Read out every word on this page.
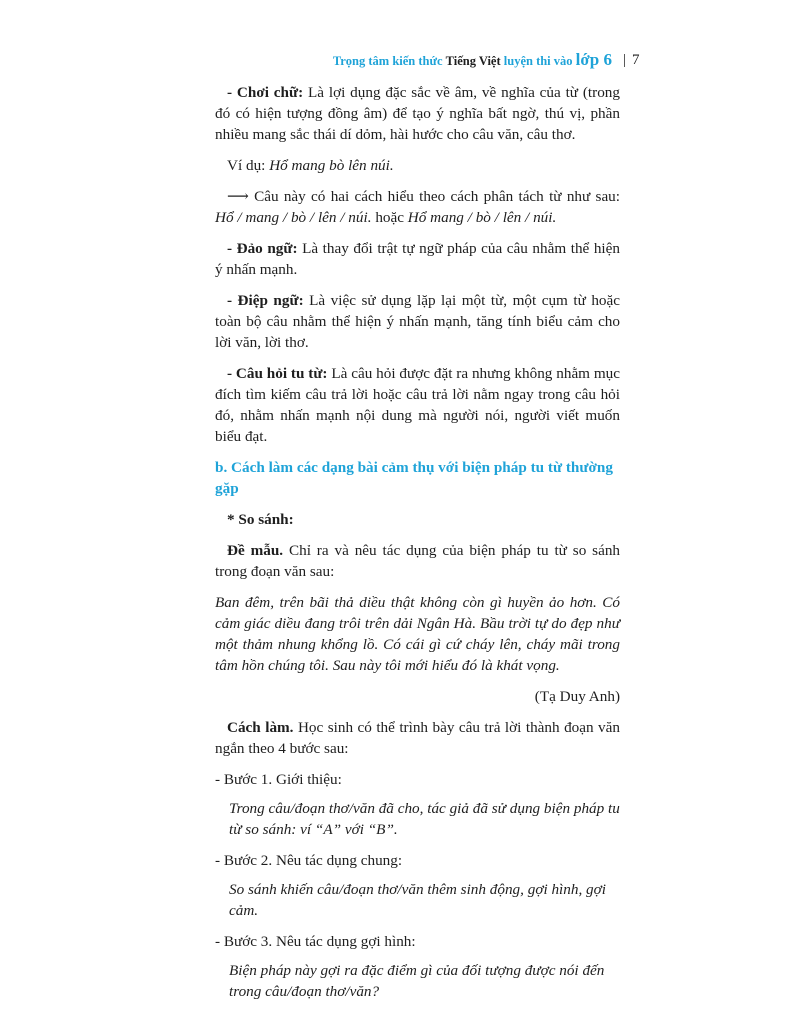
Trọng tâm kiến thức Tiếng Việt luyện thi vào lớp 6 | 7

- Chơi chữ: Là lợi dụng đặc sắc về âm, về nghĩa của từ (trong đó có hiện tượng đồng âm) để tạo ý nghĩa bất ngờ, thú vị, phần nhiều mang sắc thái dí dỏm, hài hước cho câu văn, câu thơ.

Ví dụ: Hổ mang bò lên núi.

⟶ Câu này có hai cách hiểu theo cách phân tách từ như sau: Hổ / mang / bò / lên / núi. hoặc Hổ mang / bò / lên / núi.

- Đảo ngữ: Là thay đổi trật tự ngữ pháp của câu nhằm thể hiện ý nhấn mạnh.

- Điệp ngữ: Là việc sử dụng lặp lại một từ, một cụm từ hoặc toàn bộ câu nhằm thể hiện ý nhấn mạnh, tăng tính biểu cảm cho lời văn, lời thơ.

- Câu hỏi tu từ: Là câu hỏi được đặt ra nhưng không nhằm mục đích tìm kiếm câu trả lời hoặc câu trả lời nằm ngay trong câu hỏi đó, nhằm nhấn mạnh nội dung mà người nói, người viết muốn biểu đạt.

b. Cách làm các dạng bài cảm thụ với biện pháp tu từ thường gặp

* So sánh:

Đề mẫu. Chỉ ra và nêu tác dụng của biện pháp tu từ so sánh trong đoạn văn sau:

Ban đêm, trên bãi thả diều thật không còn gì huyền ảo hơn. Có cảm giác diều đang trôi trên dải Ngân Hà. Bầu trời tự do đẹp như một thảm nhung khổng lồ. Có cái gì cứ cháy lên, cháy mãi trong tâm hồn chúng tôi. Sau này tôi mới hiểu đó là khát vọng.

(Tạ Duy Anh)

Cách làm. Học sinh có thể trình bày câu trả lời thành đoạn văn ngắn theo 4 bước sau:

- Bước 1. Giới thiệu:
Trong câu/đoạn thơ/văn đã cho, tác giả đã sử dụng biện pháp tu từ so sánh: ví “A” với “B”.
- Bước 2. Nêu tác dụng chung:
So sánh khiến câu/đoạn thơ/văn thêm sinh động, gợi hình, gợi cảm.
- Bước 3. Nêu tác dụng gợi hình:
Biện pháp này gợi ra đặc điểm gì của đối tượng được nói đến trong câu/đoạn thơ/văn?
